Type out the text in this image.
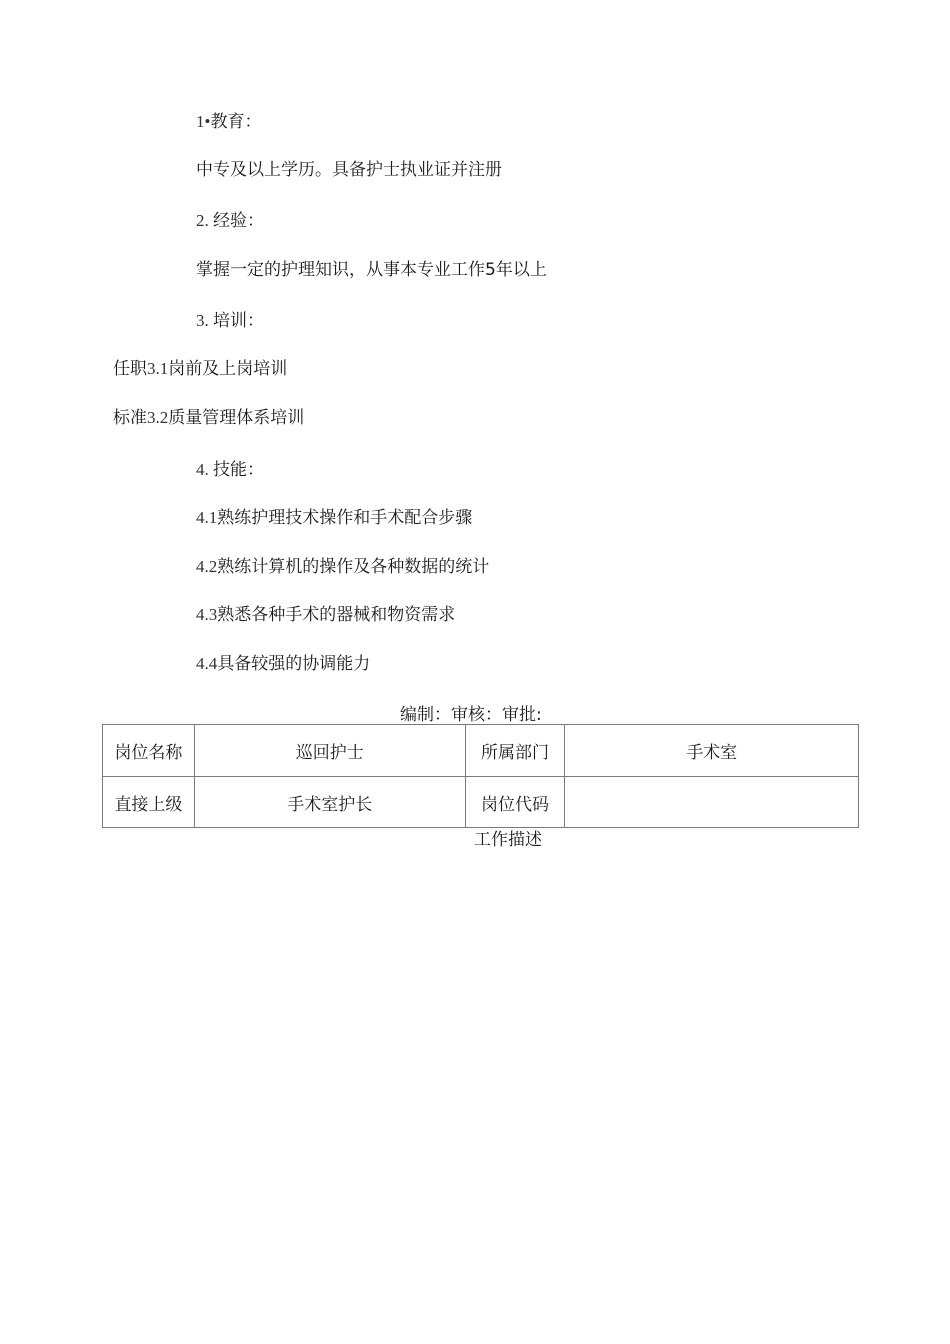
1•教育：
中专及以上学历。具备护士执业证并注册
2. 经验：
掌握一定的护理知识，从事本专业工作5年以上
3. 培训：
任职3.1岗前及上岗培训
标准3.2质量管理体系培训
4. 技能：
4.1熟练护理技术操作和手术配合步骤
4.2熟练计算机的操作及各种数据的统计
4.3熟悉各种手术的器械和物资需求
4.4具备较强的协调能力
编制：审核：审批:
岗位名称	巡回护士	所属部门	手术室
直接上级	手术室护长	岗位代码	
工作描述
